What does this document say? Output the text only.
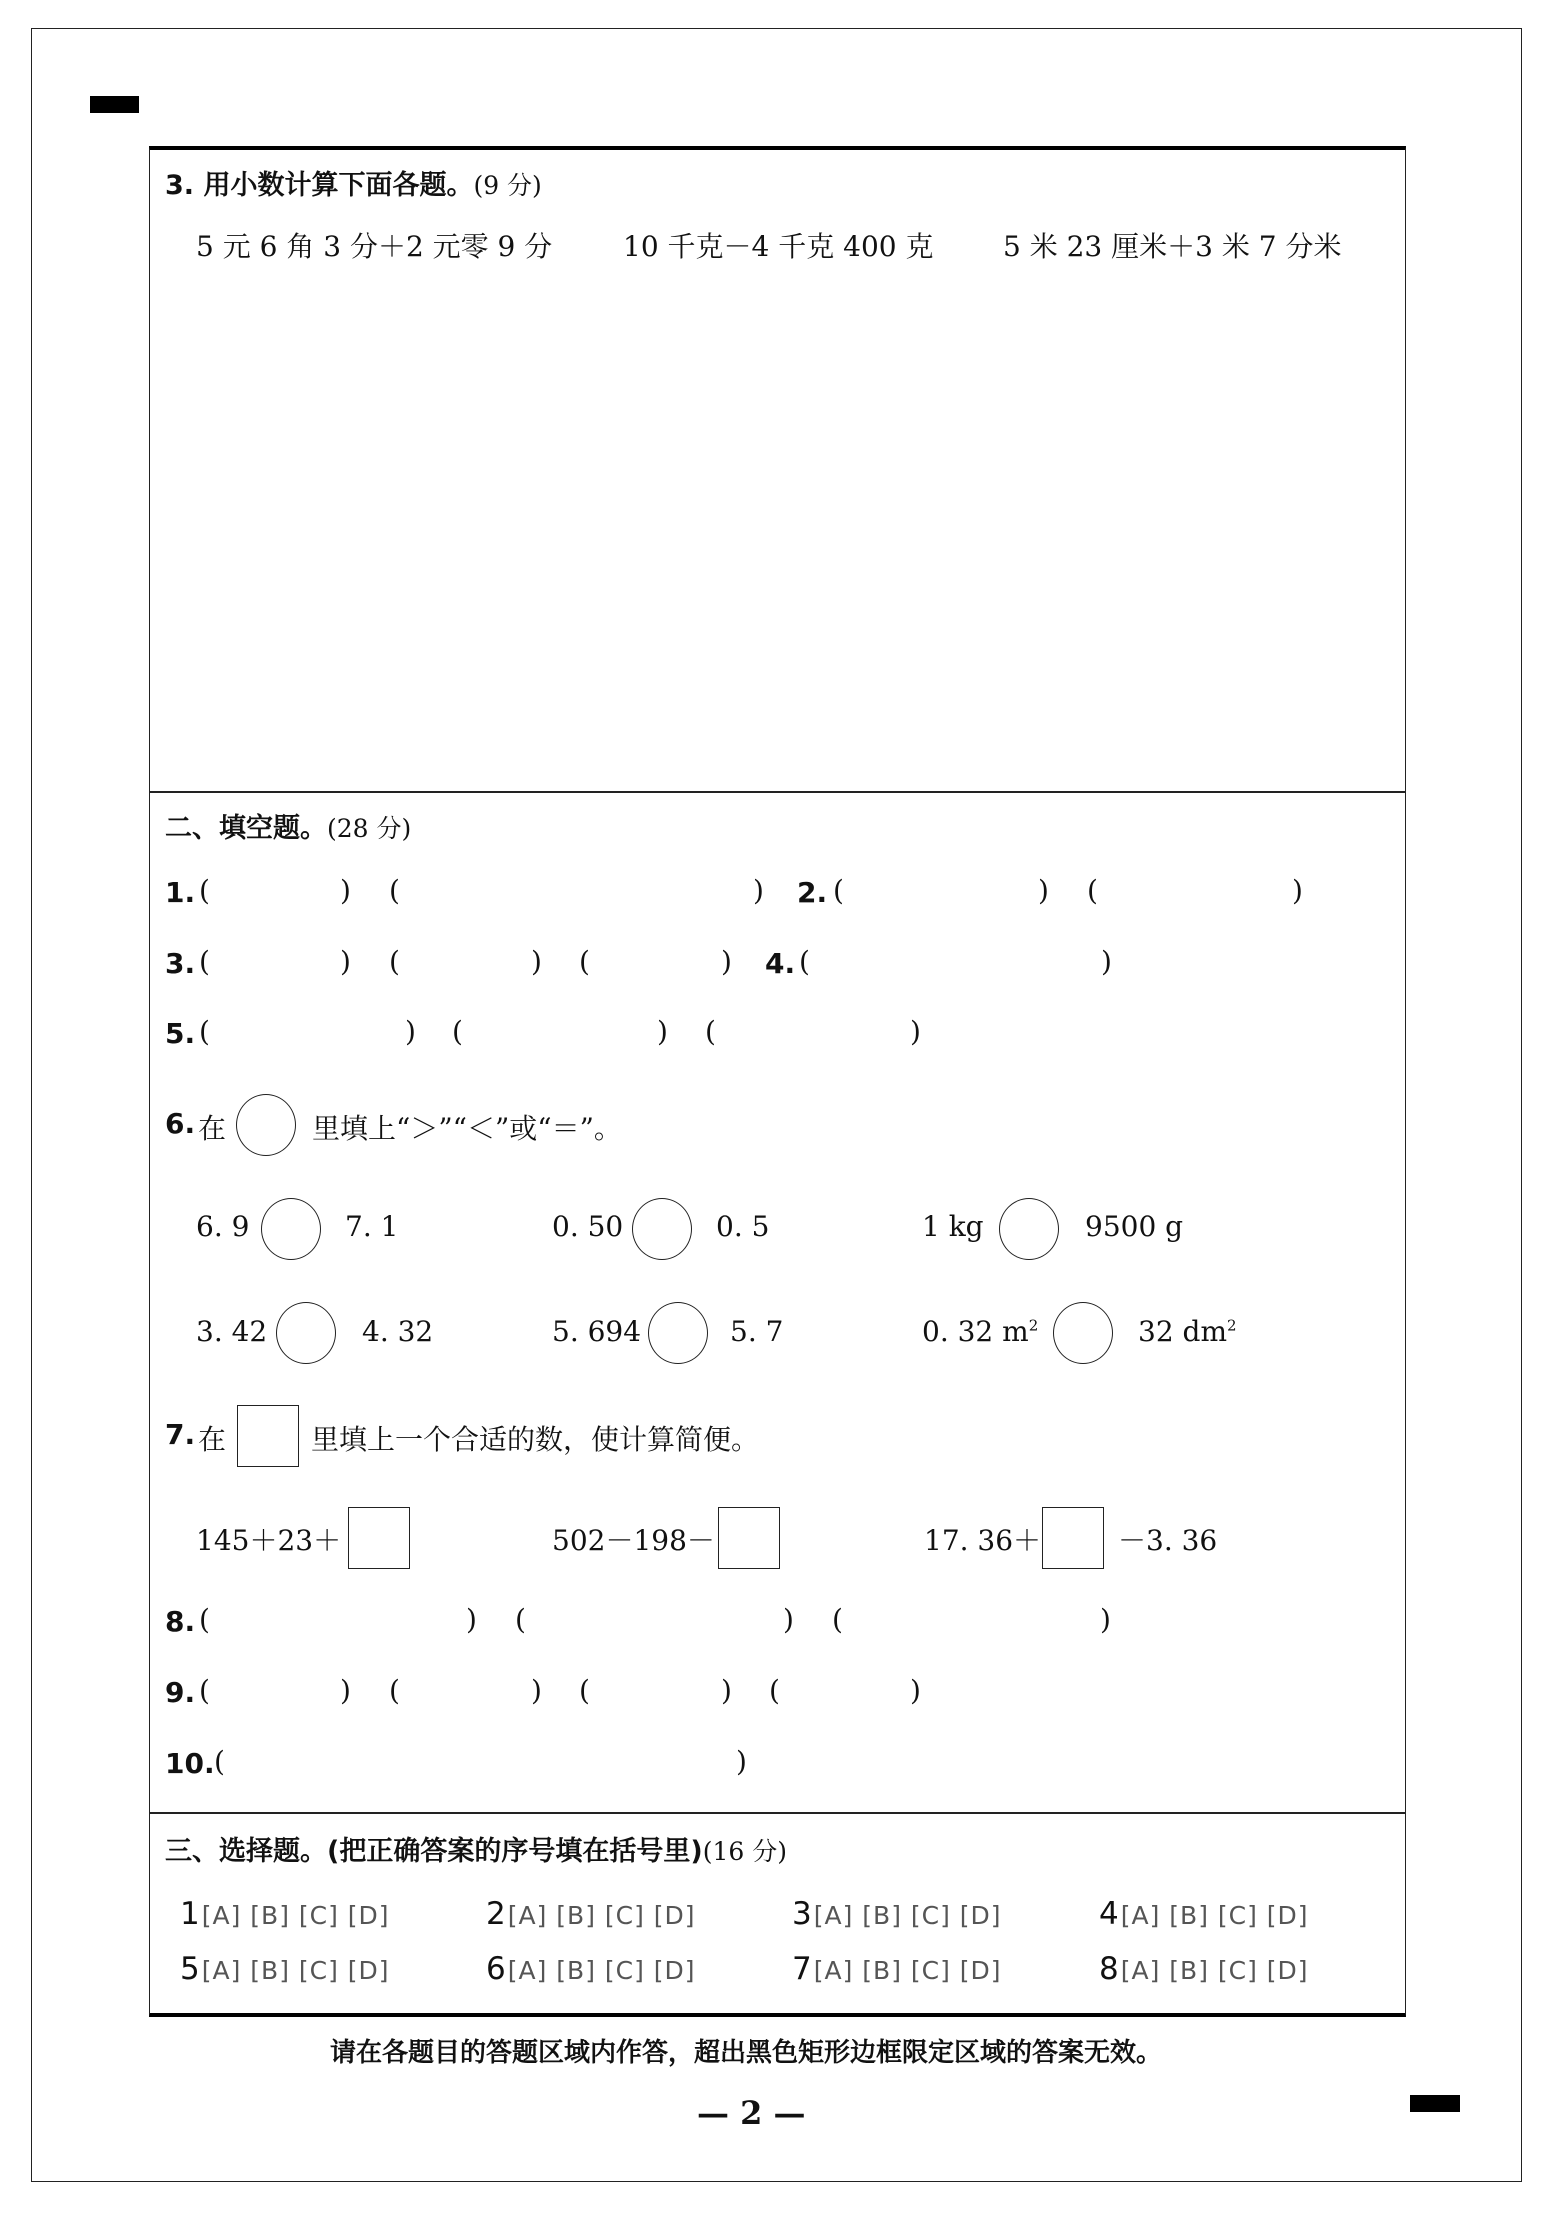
3. 用小数计算下面各题。(9 分)
5 元 6 角 3 分＋2 元零 9 分	10 千克－4 千克 400 克 5 米 23 厘米＋3 米 7 分米
二、填空题。(28 分)
1. (	) (	) 2. (	) (	)
3. (	) (	) (	) 4. (	)
5. (	) (	) (	)
6. 在	里填上“＞”“＜”或“＝”。
6. 9	7. 1	0. 50	0. 5	1 kg	9500 g
3. 42	4. 32	5. 694	5. 7	0. 32 $m^2$	32 $dm^2$
7. 在	里填上一个合适的数，使计算简便。
145＋23＋	502－198－	17. 36＋	－3. 36
8. (	) (	) (	)
9. (	) (	) (	) (	)
10. (	)
三、选择题。(把正确答案的序号填在括号里)(16 分)
1[A] [B] [C] [D]	2[A] [B] [C] [D]	3[A] [B] [C] [D]	4[A] [B] [C] [D]
5[A] [B] [C] [D]	6[A] [B] [C] [D]	7[A] [B] [C] [D]	8[A] [B] [C] [D]
请在各题目的答题区域内作答，超出黑色矩形边框限定区域的答案无效。
— 2 —
